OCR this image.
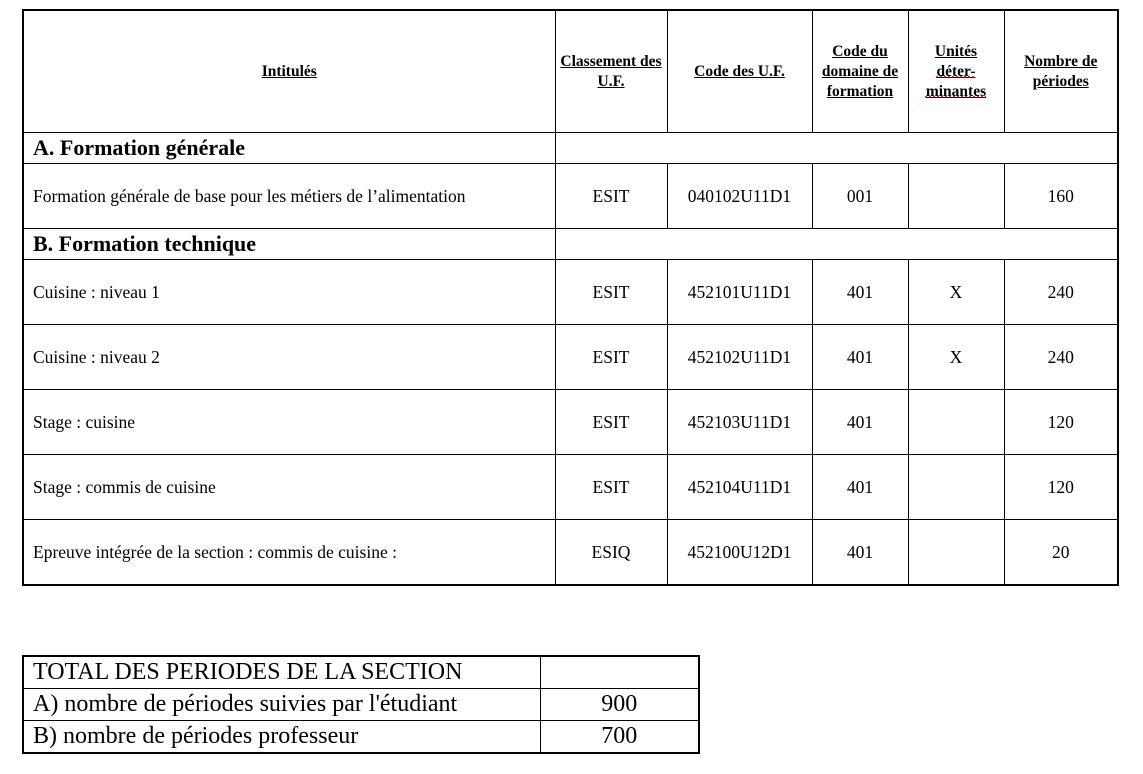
Intitulés	Classement des U.F.	Code des U.F.	Code du domaine de formation	Unités
déter-
minantes	Nombre de périodes
A. Formation générale					
Formation générale de base pour les métiers de l’alimentation	ESIT	040102U11D1	001		160
B. Formation technique					
Cuisine : niveau 1	ESIT	452101U11D1	401	X	240
Cuisine : niveau 2	ESIT	452102U11D1	401	X	240
Stage : cuisine	ESIT	452103U11D1	401		120
Stage : commis de cuisine	ESIT	452104U11D1	401		120
Epreuve intégrée de la section : commis de cuisine :	ESIQ	452100U12D1	401		20
TOTAL DES PERIODES DE LA SECTION	
A) nombre de périodes suivies par l'étudiant	900
B) nombre de périodes professeur	700
